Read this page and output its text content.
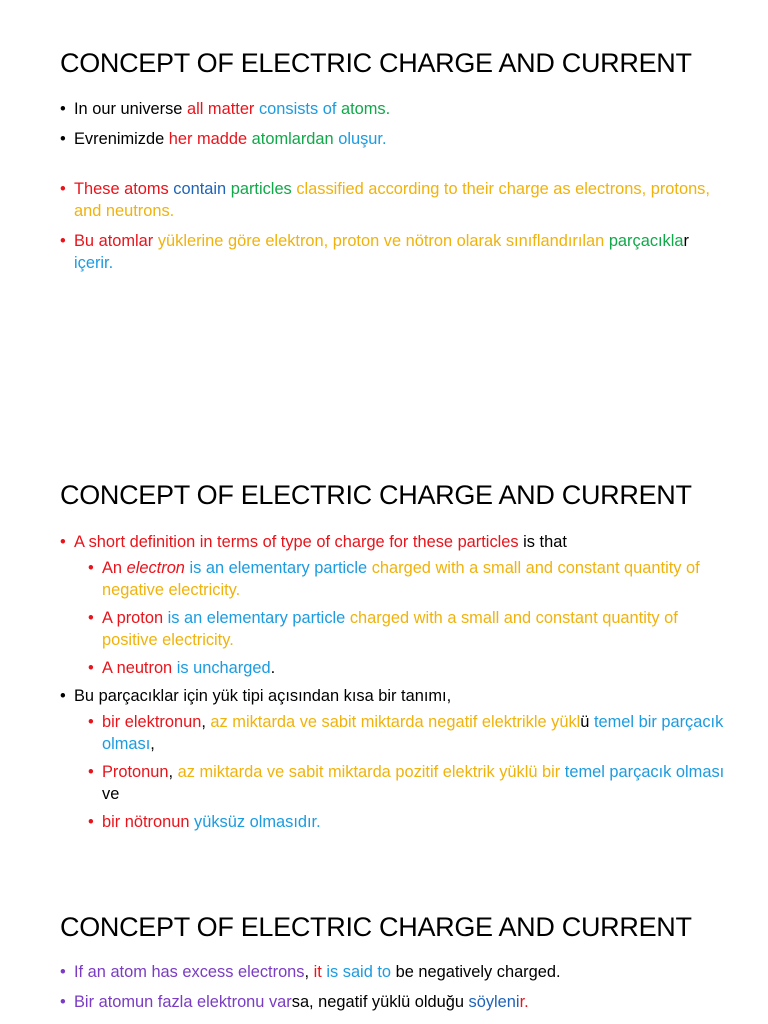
CONCEPT OF ELECTRIC CHARGE AND CURRENT
• In our universe all matter consists of atoms.
• Evrenimizde her madde atomlardan oluşur.
• These atoms contain particles classified according to their charge as electrons, protons, and neutrons.
• Bu atomlar yüklerine göre elektron, proton ve nötron olarak sınıflandırılan parçacıklar içerir.
CONCEPT OF ELECTRIC CHARGE AND CURRENT
• A short definition in terms of type of charge for these particles is that
• An electron is an elementary particle charged with a small and constant quantity of negative electricity.
• A proton is an elementary particle charged with a small and constant quantity of positive electricity.
• A neutron is uncharged.
• Bu parçacıklar için yük tipi açısından kısa bir tanımı,
• bir elektronun, az miktarda ve sabit miktarda negatif elektrikle yüklü temel bir parçacık olması,
• Protonun, az miktarda ve sabit miktarda pozitif elektrik yüklü bir temel parçacık olması ve
• bir nötronun yüksüz olmasıdır.
CONCEPT OF ELECTRIC CHARGE AND CURRENT
• If an atom has excess electrons, it is said to be negatively charged.
• Bir atomun fazla elektronu varsa, negatif yüklü olduğu söylenir.
